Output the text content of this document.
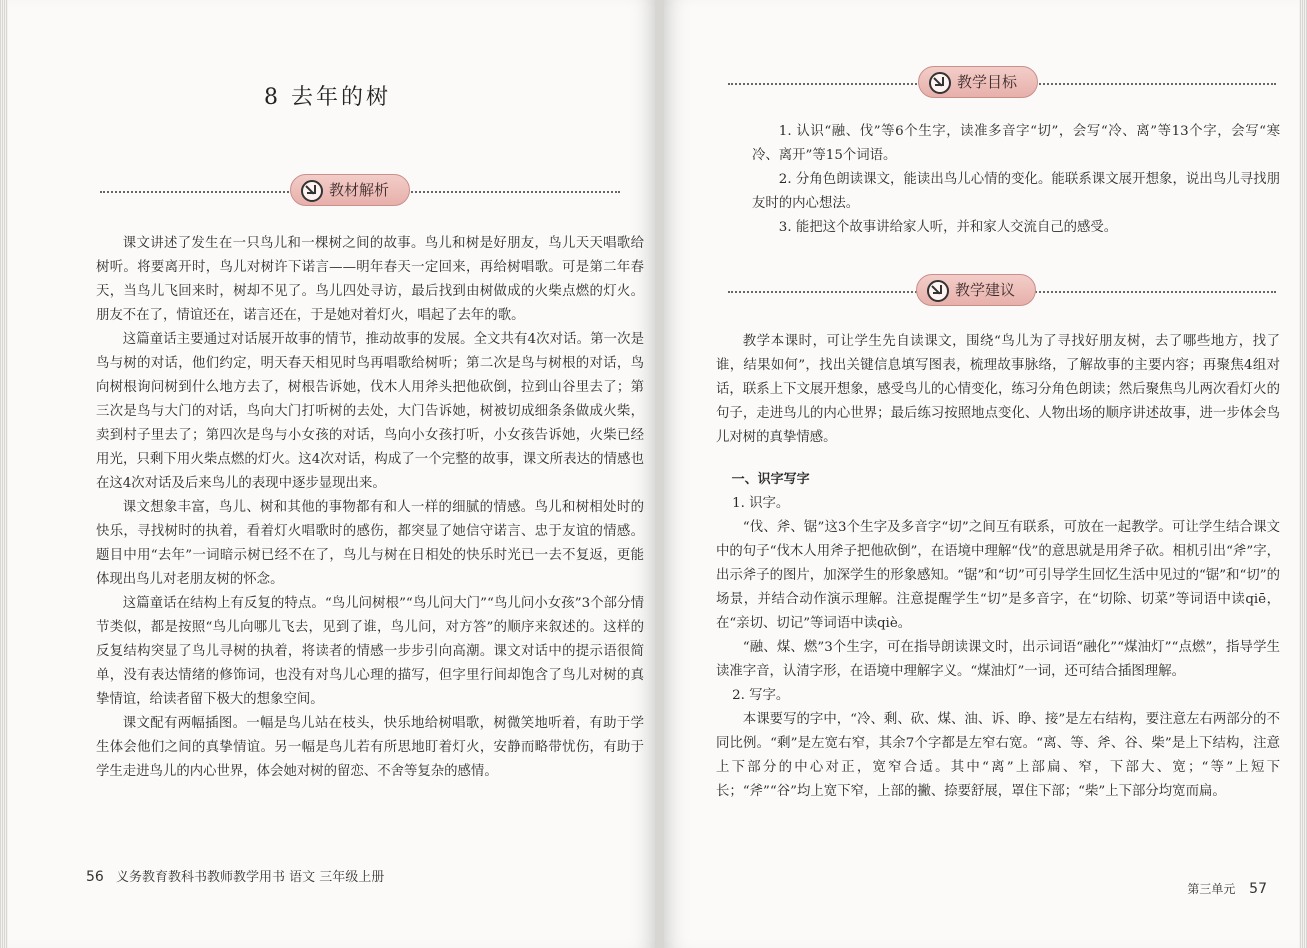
8 去年的树
教材解析

课文讲述了发生在一只鸟儿和一棵树之间的故事。鸟儿和树是好朋友，鸟儿天天唱歌给树听。将要离开时，鸟儿对树许下诺言——明年春天一定回来，再给树唱歌。可是第二年春天，当鸟儿飞回来时，树却不见了。鸟儿四处寻访，最后找到由树做成的火柴点燃的灯火。朋友不在了，情谊还在，诺言还在，于是她对着灯火，唱起了去年的歌。

这篇童话主要通过对话展开故事的情节，推动故事的发展。全文共有4次对话。第一次是鸟与树的对话，他们约定，明天春天相见时鸟再唱歌给树听；第二次是鸟与树根的对话，鸟向树根询问树到什么地方去了，树根告诉她，伐木人用斧头把他砍倒，拉到山谷里去了；第三次是鸟与大门的对话，鸟向大门打听树的去处，大门告诉她，树被切成细条条做成火柴，卖到村子里去了；第四次是鸟与小女孩的对话，鸟向小女孩打听，小女孩告诉她，火柴已经用光，只剩下用火柴点燃的灯火。这4次对话，构成了一个完整的故事，课文所表达的情感也在这4次对话及后来鸟儿的表现中逐步显现出来。

课文想象丰富，鸟儿、树和其他的事物都有和人一样的细腻的情感。鸟儿和树相处时的快乐，寻找树时的执着，看着灯火唱歌时的感伤，都突显了她信守诺言、忠于友谊的情感。题目中用“去年”一词暗示树已经不在了，鸟儿与树在日相处的快乐时光已一去不复返，更能体现出鸟儿对老朋友树的怀念。

这篇童话在结构上有反复的特点。“鸟儿问树根”“鸟儿问大门”“鸟儿问小女孩”3个部分情节类似，都是按照“鸟儿向哪儿飞去，见到了谁，鸟儿问，对方答”的顺序来叙述的。这样的反复结构突显了鸟儿寻树的执着，将读者的情感一步步引向高潮。课文对话中的提示语很简单，没有表达情绪的修饰词，也没有对鸟儿心理的描写，但字里行间却饱含了鸟儿对树的真挚情谊，给读者留下极大的想象空间。

课文配有两幅插图。一幅是鸟儿站在枝头，快乐地给树唱歌，树微笑地听着，有助于学生体会他们之间的真挚情谊。另一幅是鸟儿若有所思地盯着灯火，安静而略带忧伤，有助于学生走进鸟儿的内心世界，体会她对树的留恋、不舍等复杂的感情。

56 义务教育教科书教师教学用书 语文 三年级上册
教学目标

1. 认识“融、伐”等6个生字，读准多音字“切”，会写“冷、离”等13个字，会写“寒冷、离开”等15个词语。

2. 分角色朗读课文，能读出鸟儿心情的变化。能联系课文展开想象，说出鸟儿寻找朋友时的内心想法。

3. 能把这个故事讲给家人听，并和家人交流自己的感受。

教学建议

教学本课时，可让学生先自读课文，围绕“鸟儿为了寻找好朋友树，去了哪些地方，找了谁，结果如何”，找出关键信息填写图表，梳理故事脉络，了解故事的主要内容；再聚焦4组对话，联系上下文展开想象，感受鸟儿的心情变化，练习分角色朗读；然后聚焦鸟儿两次看灯火的句子，走进鸟儿的内心世界；最后练习按照地点变化、人物出场的顺序讲述故事，进一步体会鸟儿对树的真挚情感。

一、识字写字

1. 识字。

“伐、斧、锯”这3个生字及多音字“切”之间互有联系，可放在一起教学。可让学生结合课文中的句子“伐木人用斧子把他砍倒”，在语境中理解“伐”的意思就是用斧子砍。相机引出“斧”字，出示斧子的图片，加深学生的形象感知。“锯”和“切”可引导学生回忆生活中见过的“锯”和“切”的场景，并结合动作演示理解。注意提醒学生“切”是多音字，在“切除、切菜”等词语中读qiē，在“亲切、切记”等词语中读qiè。

“融、煤、燃”3个生字，可在指导朗读课文时，出示词语“融化”“煤油灯”“点燃”，指导学生读准字音，认清字形，在语境中理解字义。“煤油灯”一词，还可结合插图理解。

2. 写字。

本课要写的字中，“冷、剩、砍、煤、油、诉、睁、接”是左右结构，要注意左右两部分的不同比例。“剩”是左宽右窄，其余7个字都是左窄右宽。“离、等、斧、谷、柴”是上下结构，注意上下部分的中心对正，宽窄合适。其中“离”上部扁、窄，下部大、宽；“等”上短下长；“斧”“谷”均上宽下窄，上部的撇、捺要舒展，罩住下部；“柴”上下部分均宽而扁。

第三单元 57
